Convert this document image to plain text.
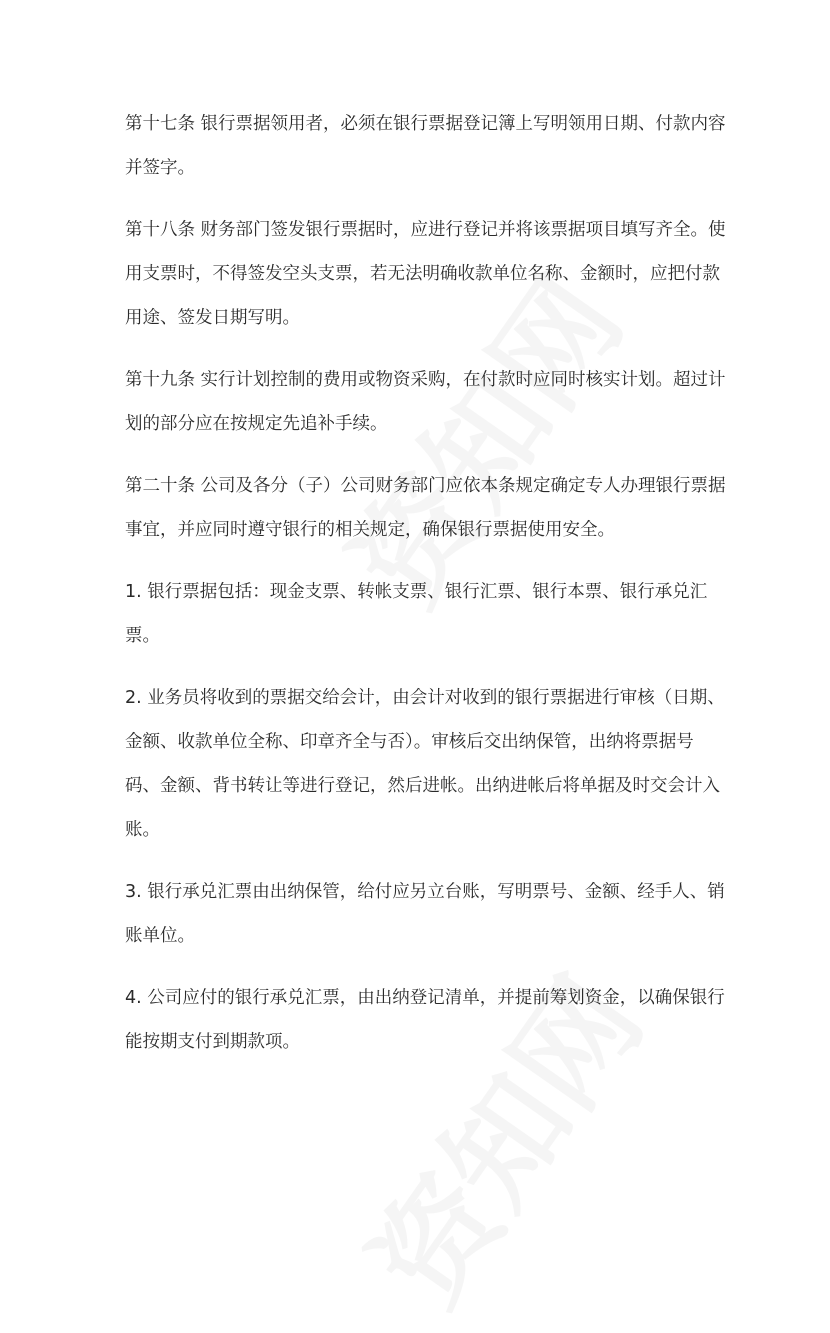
第十七条 银行票据领用者，必须在银行票据登记簿上写明领用日期、付款内容
并签字。
第十八条 财务部门签发银行票据时，应进行登记并将该票据项目填写齐全。使
用支票时，不得签发空头支票，若无法明确收款单位名称、金额时，应把付款
用途、签发日期写明。
第十九条 实行计划控制的费用或物资采购，在付款时应同时核实计划。超过计
划的部分应在按规定先追补手续。
第二十条 公司及各分（子）公司财务部门应依本条规定确定专人办理银行票据
事宜，并应同时遵守银行的相关规定，确保银行票据使用安全。
1. 银行票据包括：现金支票、转帐支票、银行汇票、银行本票、银行承兑汇
票。
2. 业务员将收到的票据交给会计，由会计对收到的银行票据进行审核（日期、
金额、收款单位全称、印章齐全与否）。审核后交出纳保管，出纳将票据号
码、金额、背书转让等进行登记，然后进帐。出纳进帐后将单据及时交会计入
账。
3. 银行承兑汇票由出纳保管，给付应另立台账，写明票号、金额、经手人、销
账单位。
4. 公司应付的银行承兑汇票，由出纳登记清单，并提前筹划资金，以确保银行
能按期支付到期款项。
